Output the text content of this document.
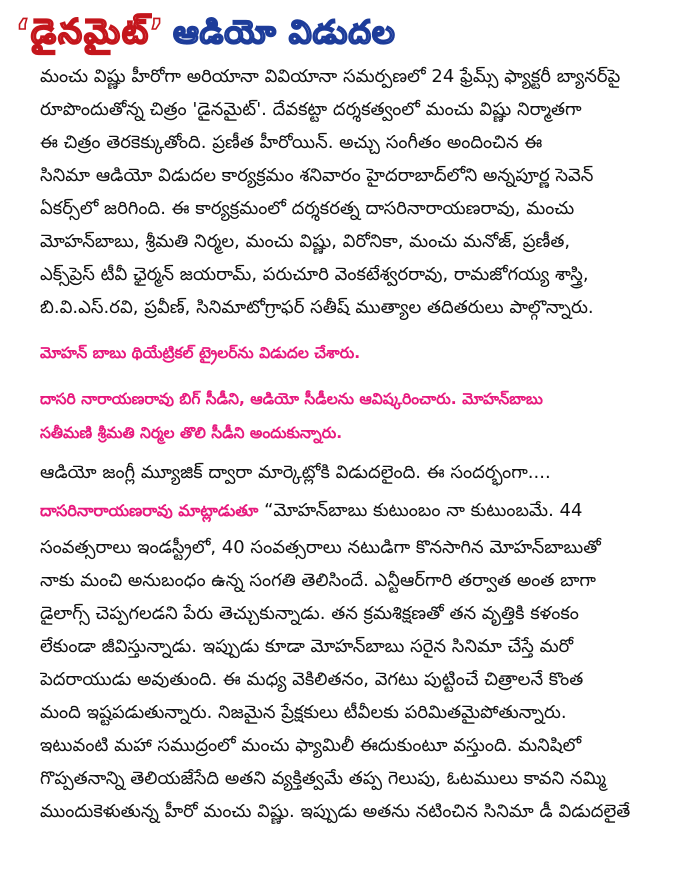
‘డైనమైట్’ ఆడియో విడుదల
మంచు విష్ణు హీరోగా అరియానా వివియానా సమర్పణలో 24 ఫ్రేమ్స్ ఫ్యాక్టరీ బ్యానర్‌పై
రూపొందుతోన్న చిత్రం 'డైనమైట్'. దేవకట్టా దర్శకత్వంలో మంచు విష్ణు నిర్మాతగా
ఈ చిత్రం తెరకెక్కుతోంది. ప్రణీత హీరోయిన్. అచ్చు సంగీతం అందించిన ఈ
సినిమా ఆడియో విడుదల కార్యక్రమం శనివారం హైదరాబాద్‌లోని అన్నపూర్ణ సెవెన్
ఏకర్స్‌లో జరిగింది. ఈ కార్యక్రమంలో దర్శకరత్న దాసరినారాయణరావు, మంచు
మోహన్‌బాబు, శ్రీమతి నిర్మల, మంచు విష్ణు, విరోనికా, మంచు మనోజ్, ప్రణీత,
ఎక్స్‌ప్రెస్ టీవీ ఛైర్మన్ జయరామ్, పరుచూరి వెంకటేశ్వరరావు, రామజోగయ్య శాస్త్రి,
బి.వి.ఎస్.రవి, ప్రవీణ్, సినిమాటోగ్రాఫర్ సతీష్ ముత్యాల తదితరులు పాల్గొన్నారు.
మోహన్ బాబు థియేట్రికల్ ట్రైలర్‌ను విడుదల చేశారు.
దాసరి నారాయణరావు బిగ్ సీడీని, ఆడియో సీడీలను ఆవిష్కరించారు. మోహన్‌బాబు
సతీమణి శ్రీమతి నిర్మల తొలి సీడీని అందుకున్నారు.
ఆడియో జంగ్లీ మ్యూజిక్ ద్వారా మార్కెట్లోకి విడుదలైంది. ఈ సందర్భంగా....
దాసరినారాయణరావు మాట్లాడుతూ “మోహన్‌బాబు కుటుంబం నా కుటుంబమే. 44
సంవత్సరాలు ఇండస్ట్రీలో, 40 సంవత్సరాలు నటుడిగా కొనసాగిన మోహన్‌బాబుతో
నాకు మంచి అనుబంధం ఉన్న సంగతి తెలిసిందే. ఎన్టీఆర్‌గారి తర్వాత అంత బాగా
డైలాగ్స్ చెప్పగలడని పేరు తెచ్చుకున్నాడు. తన క్రమశిక్షణతో తన వృత్తికి కళంకం
లేకుండా జీవిస్తున్నాడు. ఇప్పుడు కూడా మోహన్‌బాబు సరైన సినిమా చేస్తే మరో
పెదరాయుడు అవుతుంది. ఈ మధ్య వెకిలితనం, వెగటు పుట్టించే చిత్రాలనే కొంత
మంది ఇష్టపడుతున్నారు. నిజమైన ప్రేక్షకులు టీవీలకు పరిమితమైపోతున్నారు.
ఇటువంటి మహా సముద్రంలో మంచు ఫ్యామిలీ ఈదుకుంటూ వస్తుంది. మనిషిలో
గొప్పతనాన్ని తెలియజేసేది అతని వ్యక్తిత్వమే తప్ప గెలుపు, ఓటములు కావని నమ్మి
ముందుకెళుతున్న హీరో మంచు విష్ణు. ఇప్పుడు అతను నటించిన సినిమా డీ విడుదలైతే
